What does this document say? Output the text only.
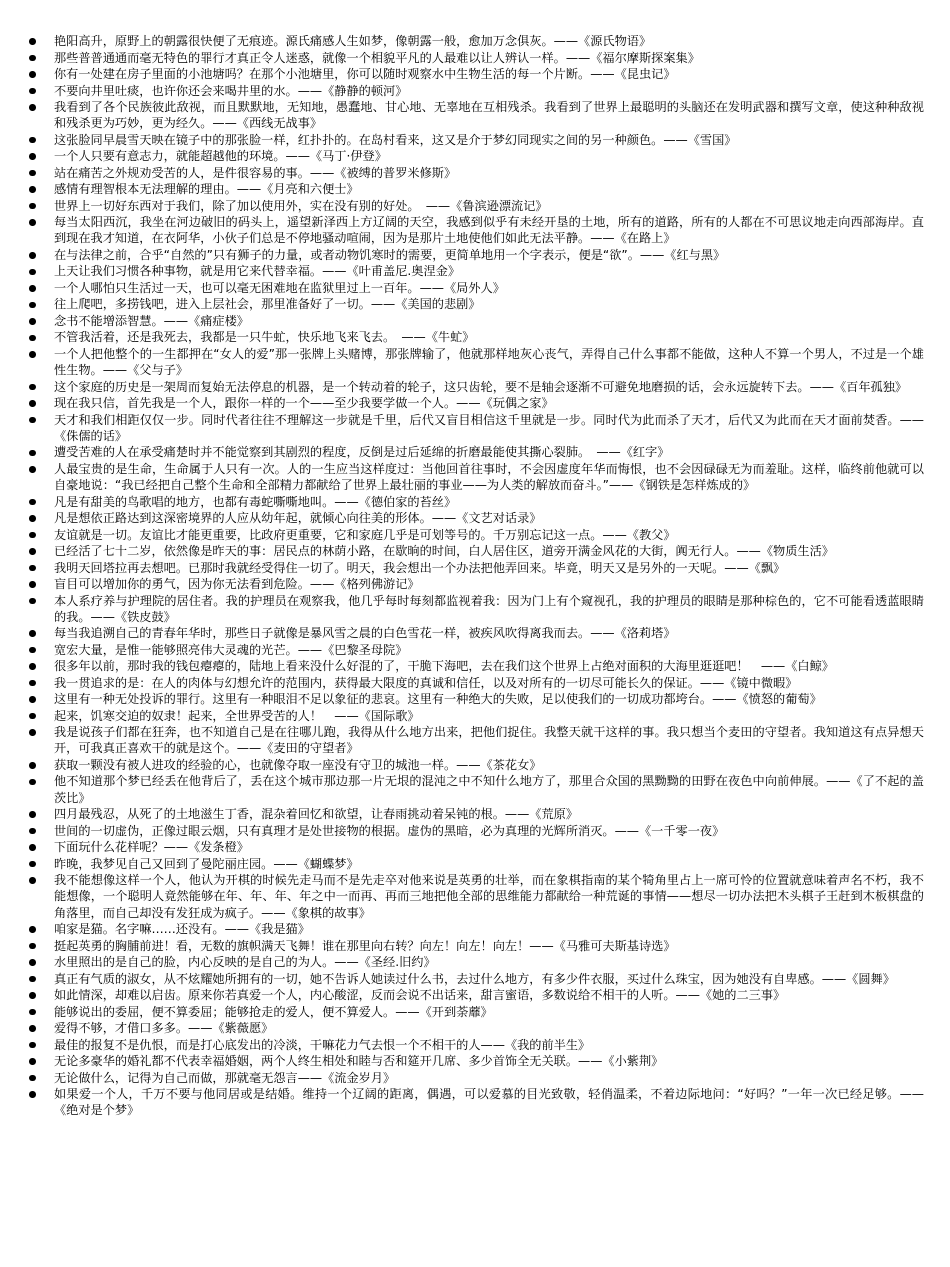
艳阳高升，原野上的朝露很快便了无痕迹。源氏痛感人生如梦，像朝露一般，愈加万念俱灰。——《源氏物语》
那些普普通通而毫无特色的罪行才真正令人迷惑，就像一个相貌平凡的人最难以让人辨认一样。——《福尔摩斯探案集》
你有一处建在房子里面的小池塘吗？在那个小池塘里，你可以随时观察水中生物生活的每一个片断。——《昆虫记》
不要向井里吐痰，也许你还会来喝井里的水。——《静静的顿河》
我看到了各个民族彼此敌视，而且默默地，无知地，愚蠢地、甘心地、无辜地在互相残杀。我看到了世界上最聪明的头脑还在发明武器和撰写文章，使这种种敌视和残杀更为巧妙，更为经久。——《西线无战事》
这张脸同早晨雪天映在镜子中的那张脸一样，红扑扑的。在岛村看来，这又是介于梦幻同现实之间的另一种颜色。——《雪国》
一个人只要有意志力，就能超越他的环境。——《马丁·伊登》
站在痛苦之外规劝受苦的人，是件很容易的事。——《被缚的普罗米修斯》
感情有理智根本无法理解的理由。——《月亮和六便士》
世界上一切好东西对于我们，除了加以使用外，实在没有别的好处。　——《鲁滨逊漂流记》
每当太阳西沉，我坐在河边破旧的码头上，遥望新泽西上方辽阔的天空，我感到似乎有未经开垦的土地，所有的道路，所有的人都在不可思议地走向西部海岸。直到现在我才知道，在衣阿华，小伙子们总是不停地骚动喧闹，因为是那片土地使他们如此无法平静。——《在路上》
在与法律之前，合乎“自然的”只有狮子的力量，或者动物饥寒时的需要，更简单地用一个字表示，便是“欲”。——《红与黑》
上天让我们习惯各种事物，就是用它来代替幸福。——《叶甫盖尼.奥涅金》
一个人哪怕只生活过一天，也可以毫无困难地在监狱里过上一百年。——《局外人》
往上爬吧，多捞钱吧，进入上层社会，那里准备好了一切。——《美国的悲剧》
念书不能增添智慧。——《痛症楼》
不管我活着，还是我死去，我都是一只牛虻，快乐地飞来飞去。　——《牛虻》
一个人把他整个的一生都押在“女人的爱”那一张牌上头赌博，那张牌输了，他就那样地灰心丧气，弄得自己什么事都不能做，这种人不算一个男人，不过是一个雄性生物。——《父与子》
这个家庭的历史是一架周而复始无法停息的机器，是一个转动着的轮子，这只齿轮，要不是轴会逐渐不可避免地磨损的话，会永远旋转下去。——《百年孤独》
现在我只信，首先我是一个人，跟你一样的一个——至少我要学做一个人。——《玩偶之家》
天才和我们相距仅仅一步。同时代者往往不理解这一步就是千里，后代又盲目相信这千里就是一步。同时代为此而杀了天才，后代又为此而在天才面前焚香。——《侏儒的话》
遭受苦难的人在承受痛楚时并不能觉察到其剧烈的程度，反倒是过后延绵的折磨最能使其撕心裂肺。　——《红字》
人最宝贵的是生命，生命属于人只有一次。人的一生应当这样度过：当他回首往事时，不会因虚度年华而悔恨，也不会因碌碌无为而羞耻。这样，临终前他就可以自豪地说：“我已经把自己整个生命和全部精力都献给了世界上最壮丽的事业——为人类的解放而奋斗。”——《钢铁是怎样炼成的》
凡是有甜美的鸟歌唱的地方，也都有毒蛇嘶嘶地叫。——《德伯家的苔丝》
凡是想依正路达到这深密境界的人应从幼年起，就倾心向往美的形体。——《文艺对话录》
友谊就是一切。友谊比才能更重要，比政府更重要，它和家庭几乎是可划等号的。千万别忘记这一点。——《教父》
已经活了七十二岁，依然像是昨天的事：居民点的林荫小路，在歇晌的时间，白人居住区，道旁开满金风花的大街，阗无行人。——《物质生活》
我明天回塔拉再去想吧。已那时我就经受得住一切了。明天，我会想出一个办法把他弄回来。毕竟，明天又是另外的一天呢。——《飘》
盲目可以增加你的勇气，因为你无法看到危险。——《格列佛游记》
本人系疗养与护理院的居住者。我的护理员在观察我，他几乎每时每刻都监视着我：因为门上有个窥视孔，我的护理员的眼睛是那种棕色的，它不可能看透蓝眼睛的我。——《铁皮鼓》
每当我追溯自己的青春年华时，那些日子就像是暴风雪之晨的白色雪花一样，被疾风吹得离我而去。——《洛莉塔》
宽宏大量，是惟一能够照亮伟大灵魂的光芒。——《巴黎圣母院》
很多年以前，那时我的钱包瘪瘪的，陆地上看来没什么好混的了，干脆下海吧，去在我们这个世界上占绝对面积的大海里逛逛吧！　——《白鲸》
我一贯追求的是：在人的肉体与幻想允许的范围内，获得最大限度的真诚和信任，以及对所有的一切尽可能长久的保证。——《镜中微暇》
这里有一种无处投诉的罪行。这里有一种眼泪不足以象征的悲哀。这里有一种绝大的失败，足以使我们的一切成功都垮台。——《愤怒的葡萄》
起来，饥寒交迫的奴隶！起来，全世界受苦的人！　——《国际歌》
我是说孩子们都在狂奔，也不知道自己是在往哪儿跑，我得从什么地方出来，把他们捉住。我整天就干这样的事。我只想当个麦田的守望者。我知道这有点异想天开，可我真正喜欢干的就是这个。——《麦田的守望者》
获取一颗没有被人进攻的经验的心，也就像夺取一座没有守卫的城池一样。——《茶花女》
他不知道那个梦已经丢在他背后了，丢在这个城市那边那一片无垠的混沌之中不知什么地方了，那里合众国的黑黝黝的田野在夜色中向前伸展。——《了不起的盖茨比》
四月最残忍，从死了的土地滋生丁香，混杂着回忆和欲望，让春雨挑动着呆钝的根。——《荒原》
世间的一切虚伪，正像过眼云烟，只有真理才是处世接物的根据。虚伪的黑暗，必为真理的光辉所消灭。——《一千零一夜》
下面玩什么花样呢？——《发条橙》
昨晚，我梦见自己又回到了曼陀丽庄园。——《蝴蝶梦》
我不能想像这样一个人，他认为开棋的时候先走马而不是先走卒对他来说是英勇的壮举，而在象棋指南的某个犄角里占上一席可怜的位置就意味着声名不朽，我不能想像，一个聪明人竟然能够在年、年、年、年之中一而再、再而三地把他全部的思维能力都献给一种荒诞的事情——想尽一切办法把木头棋子王赶到木板棋盘的角落里，而自己却没有发狂成为疯子。——《象棋的故事》
咱家是猫。名字嘛……还没有。——《我是猫》
挺起英勇的胸脯前进！看，无数的旗帜满天飞舞！谁在那里向右转？向左！向左！向左！——《马雅可夫斯基诗选》
水里照出的是自己的脸，内心反映的是自己的为人。——《圣经.旧约》
真正有气质的淑女，从不炫耀她所拥有的一切，她不告诉人她读过什么书，去过什么地方，有多少件衣服，买过什么珠宝，因为她没有自卑感。——《圆舞》
如此情深，却难以启齿。原来你若真爱一个人，内心酸涩，反而会说不出话来，甜言蜜语，多数说给不相干的人听。——《她的二三事》
能够说出的委屈，便不算委屈；能够抢走的爱人，便不算爱人。——《开到荼蘼》
爱得不够，才借口多多。——《紫薇愿》
最佳的报复不是仇恨，而是打心底发出的冷淡，干嘛花力气去恨一个不相干的人——《我的前半生》
无论多豪华的婚礼都不代表幸福婚姻，两个人终生相处和睦与否和筵开几席、多少首饰全无关联。——《小紫荆》
无论做什么，记得为自己而做，那就毫无怨言——《流金岁月》
如果爱一个人，千万不要与他同居或是结婚。维持一个辽阔的距离，偶遇，可以爱慕的目光致敬，轻俏温柔，不着边际地问：“好吗？”一年一次已经足够。——《绝对是个梦》
